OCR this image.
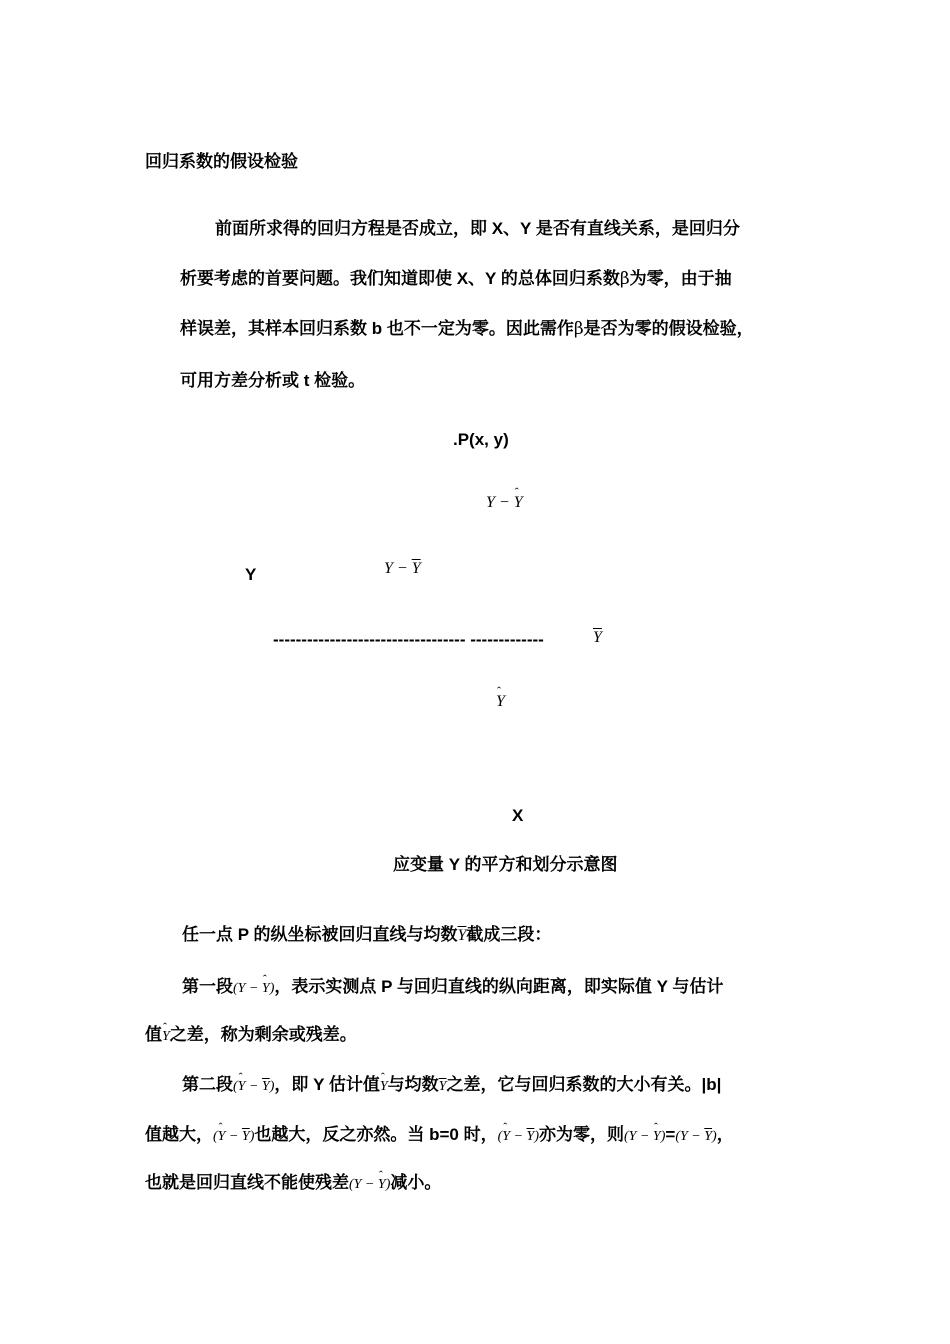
回归系数的假设检验
前面所求得的回归方程是否成立，即 X、Y 是否有直线关系，是回归分
析要考虑的首要问题。我们知道即使 X、Y 的总体回归系数β为零，由于抽
样误差，其样本回归系数 b 也不一定为零。因此需作β是否为零的假设检验，
可用方差分析或 t 检验。
.P(x, y)
Y − Y ˆ
Y	$Y - \overline{Y}$
---------------------------------- -------------	$\overline{Y}$
Y ˆ
X
应变量 Y 的平方和划分示意图
任一点 P 的纵坐标被回归直线与均数$\overline{Y}$截成三段：
第一段(Y − Y ˆ)，表示实测点 P 与回归直线的纵向距离，即实际值 Y 与估计
值Y ˆ之差，称为剩余或残差。
第二段(Y ˆ − $\overline{Y}$)，即 Y 估计值Y ˆ与均数$\overline{Y}$之差，它与回归系数的大小有关。|b|
值越大，(Y ˆ − $\overline{Y}$)也越大，反之亦然。当 b=0 时，(Y ˆ − $\overline{Y}$)亦为零，则(Y − Y ˆ)=(Y − $\overline{Y}$)，
也就是回归直线不能使残差(Y − Y ˆ)减小。
